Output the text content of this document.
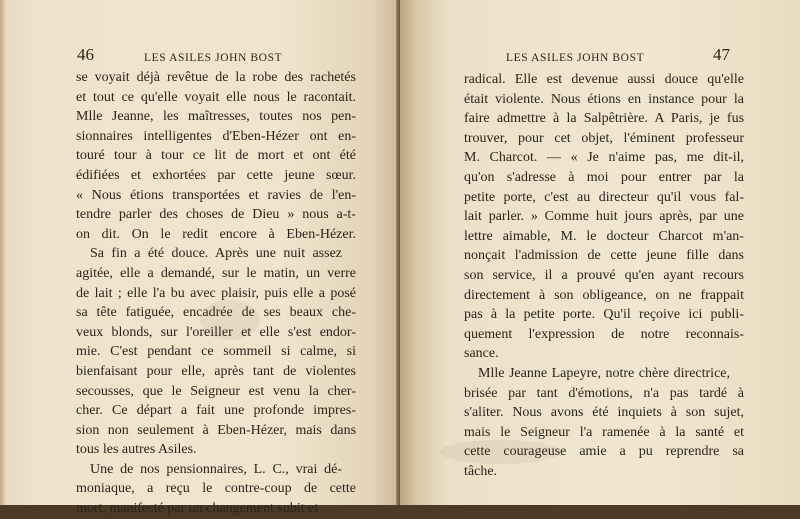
46	LES ASILES JOHN BOST
se voyait déjà revêtue de la robe des rachetés
et tout ce qu'elle voyait elle nous le racontait.
Mlle Jeanne, les maîtresses, toutes nos pen-
sionnaires intelligentes d'Eben-Hézer ont en-
touré tour à tour ce lit de mort et ont été
édifiées et exhortées par cette jeune sœur.
« Nous étions transportées et ravies de l'en-
tendre parler des choses de Dieu » nous a-t-
on dit. On le redit encore à Eben-Hézer.
Sa fin a été douce. Après une nuit assez
agitée, elle a demandé, sur le matin, un verre
de lait ; elle l'a bu avec plaisir, puis elle a posé
sa tête fatiguée, encadrée de ses beaux che-
veux blonds, sur l'oreiller et elle s'est endor-
mie. C'est pendant ce sommeil si calme, si
bienfaisant pour elle, après tant de violentes
secousses, que le Seigneur est venu la cher-
cher. Ce départ a fait une profonde impres-
sion non seulement à Eben-Hézer, mais dans
tous les autres Asiles.
Une de nos pensionnaires, L. C., vrai dé-
moniaque, a reçu le contre-coup de cette
mort, manifesté par un changement subit et
LES ASILES JOHN BOST	47
radical. Elle est devenue aussi douce qu'elle
était violente. Nous étions en instance pour la
faire admettre à la Salpêtrière. A Paris, je fus
trouver, pour cet objet, l'éminent professeur
M. Charcot. — « Je n'aime pas, me dit-il,
qu'on s'adresse à moi pour entrer par la
petite porte, c'est au directeur qu'il vous fal-
lait parler. » Comme huit jours après, par une
lettre aimable, M. le docteur Charcot m'an-
nonçait l'admission de cette jeune fille dans
son service, il a prouvé qu'en ayant recours
directement à son obligeance, on ne frappait
pas à la petite porte. Qu'il reçoive ici publi-
quement l'expression de notre reconnais-
sance.
Mlle Jeanne Lapeyre, notre chère directrice,
brisée par tant d'émotions, n'a pas tardé à
s'aliter. Nous avons été inquiets à son sujet,
mais le Seigneur l'a ramenée à la santé et
cette courageuse amie a pu reprendre sa
tâche.
